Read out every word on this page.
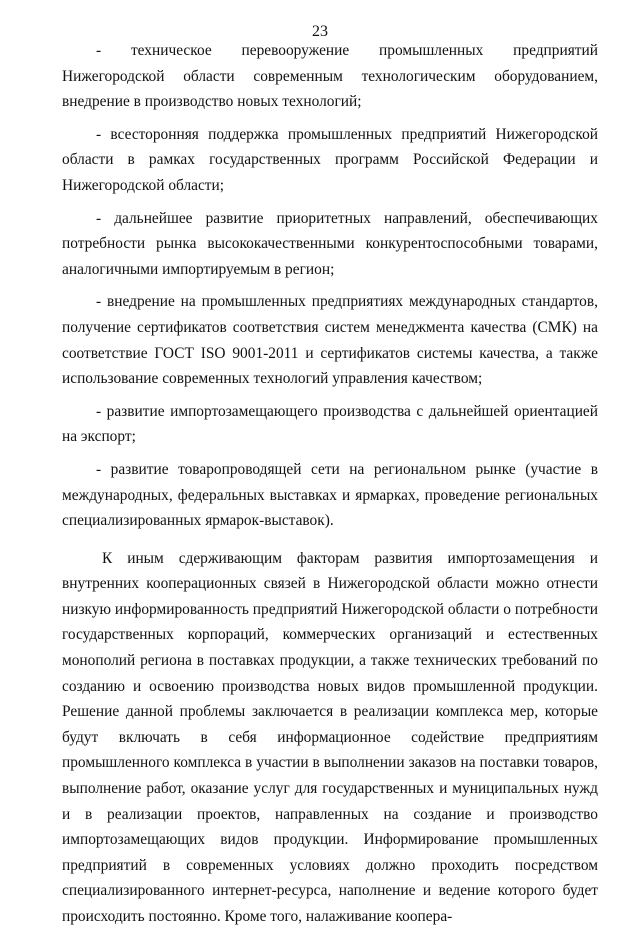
23

- техническое перевооружение промышленных предприятий Нижегородской области современным технологическим оборудованием, внедрение в производство новых технологий;

- всесторонняя поддержка промышленных предприятий Нижегородской области в рамках государственных программ Российской Федерации и Нижегородской области;

- дальнейшее развитие приоритетных направлений, обеспечивающих потребности рынка высококачественными конкурентоспособными товарами, аналогичными импортируемым в регион;

- внедрение на промышленных предприятиях международных стандартов, получение сертификатов соответствия систем менеджмента качества (СМК) на соответствие ГОСТ ISO 9001-2011 и сертификатов системы качества, а также использование современных технологий управления качеством;

- развитие импортозамещающего производства с дальнейшей ориентацией на экспорт;

- развитие товаропроводящей сети на региональном рынке (участие в международных, федеральных выставках и ярмарках, проведение региональных специализированных ярмарок-выставок).

К иным сдерживающим факторам развития импортозамещения и внутренних кооперационных связей в Нижегородской области можно отнести низкую информированность предприятий Нижегородской области о потребности государственных корпораций, коммерческих организаций и естественных монополий региона в поставках продукции, а также технических требований по созданию и освоению производства новых видов промышленной продукции. Решение данной проблемы заключается в реализации комплекса мер, которые будут включать в себя информационное содействие предприятиям промышленного комплекса в участии в выполнении заказов на поставки товаров, выполнение работ, оказание услуг для государственных и муниципальных нужд и в реализации проектов, направленных на создание и производство импортозамещающих видов продукции. Информирование промышленных предприятий в современных условиях должно проходить посредством специализированного интернет-ресурса, наполнение и ведение которого будет происходить постоянно. Кроме того, налаживание коопера-
